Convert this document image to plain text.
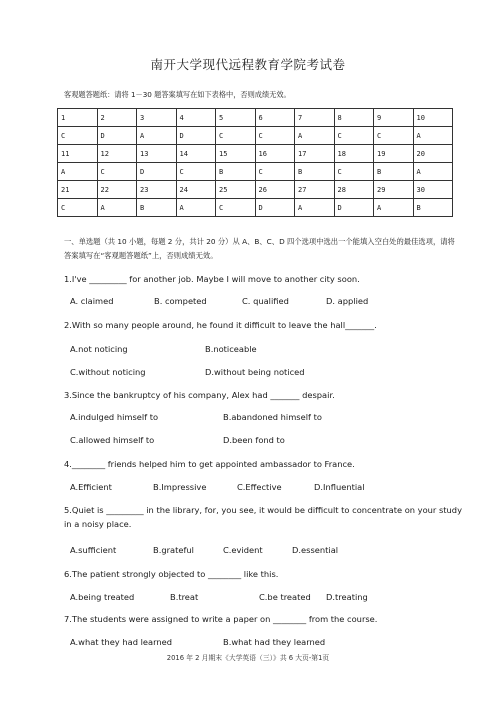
南开大学现代远程教育学院考试卷
客观题答题纸：请将 1－30 题答案填写在如下表格中，否则成绩无效。
1	2	3	4	5	6	7	8	9	10
C	D	A	D	C	C	A	C	C	A
11	12	13	14	15	16	17	18	19	20
A	C	D	C	B	C	B	C	B	A
21	22	23	24	25	26	27	28	29	30
C	A	B	A	C	D	A	D	A	B
一、单选题（共 10 小题，每题 2 分，共计 20 分）从 A、B、C、D 四个选项中选出一个能填入空白处的最佳选项，请将答案填写在“客观题答题纸”上，否则成绩无效。
1.I've _________ for another job. Maybe I will move to another city soon.
A. claimed	B. competed	C. qualified	D. applied
2.With so many people around, he found it difficult to leave the hall_______.
A.not noticing	B.noticeable
C.without noticing	D.without being noticed
3.Since the bankruptcy of his company, Alex had _______ despair.
A.indulged himself to	B.abandoned himself to
C.allowed himself to	D.been fond to
4.________ friends helped him to get appointed ambassador to France.
A.Efficient	B.Impressive	C.Effective	D.Influential
5.Quiet is _________ in the library, for, you see, it would be difficult to concentrate on your study in a noisy place.
A.sufficient	B.grateful	C.evident	D.essential
6.The patient strongly objected to ________ like this.
A.being treated	B.treat	C.be treated D.treating
7.The students were assigned to write a paper on ________ from the course.
A.what they had learned	B.what had they learned
2016 年 2 月期末《大学英语（三）》共 6 大页-第1页
